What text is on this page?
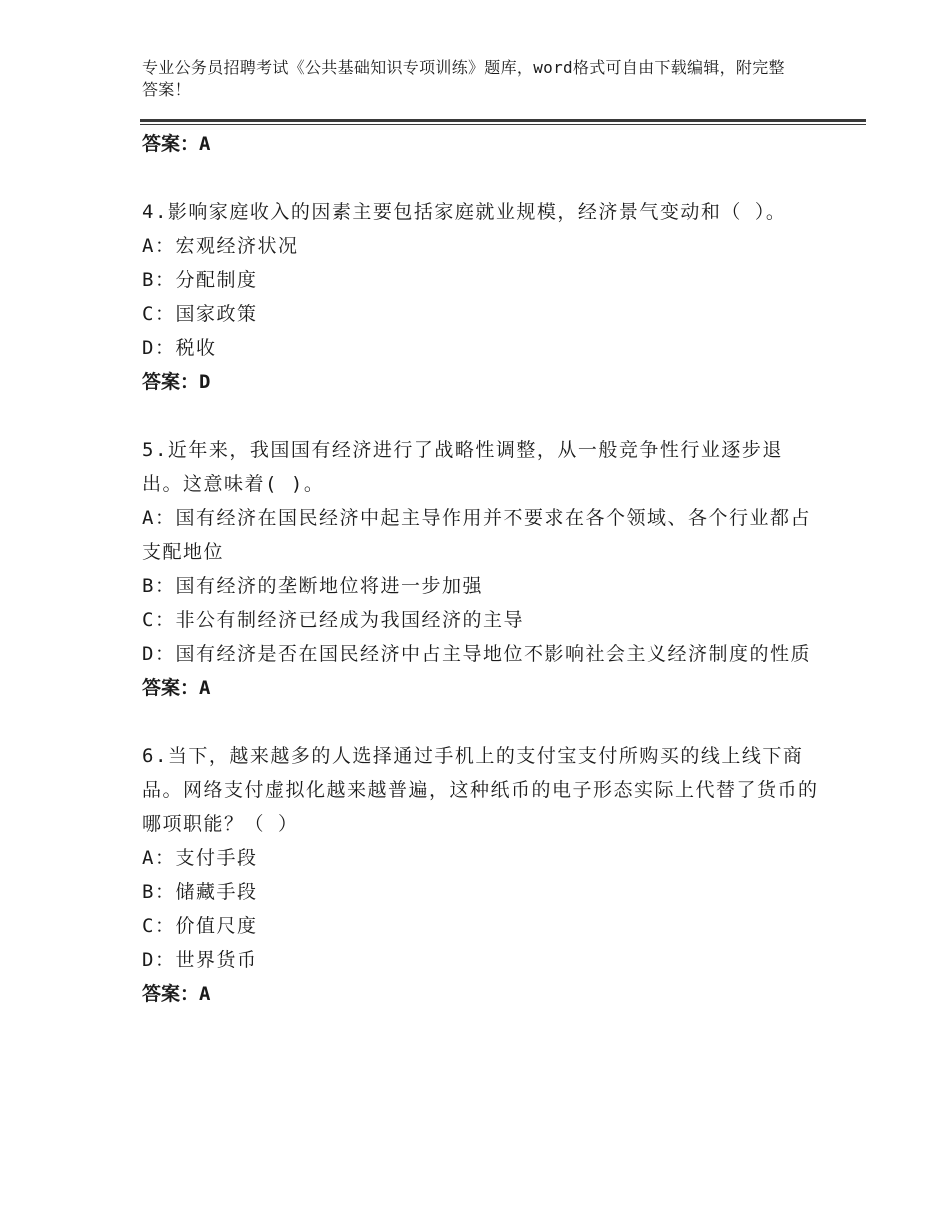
专业公务员招聘考试《公共基础知识专项训练》题库，word格式可自由下载编辑，附完整答案！
答案：A
4.影响家庭收入的因素主要包括家庭就业规模，经济景气变动和（ ）。
A：宏观经济状况
B：分配制度
C：国家政策
D：税收
答案：D
5.近年来，我国国有经济进行了战略性调整，从一般竞争性行业逐步退出。这意味着( )。
A：国有经济在国民经济中起主导作用并不要求在各个领域、各个行业都占支配地位
B：国有经济的垄断地位将进一步加强
C：非公有制经济已经成为我国经济的主导
D：国有经济是否在国民经济中占主导地位不影响社会主义经济制度的性质
答案：A
6.当下，越来越多的人选择通过手机上的支付宝支付所购买的线上线下商品。网络支付虚拟化越来越普遍，这种纸币的电子形态实际上代替了货币的哪项职能？（ ）
A：支付手段
B：储藏手段
C：价值尺度
D：世界货币
答案：A
